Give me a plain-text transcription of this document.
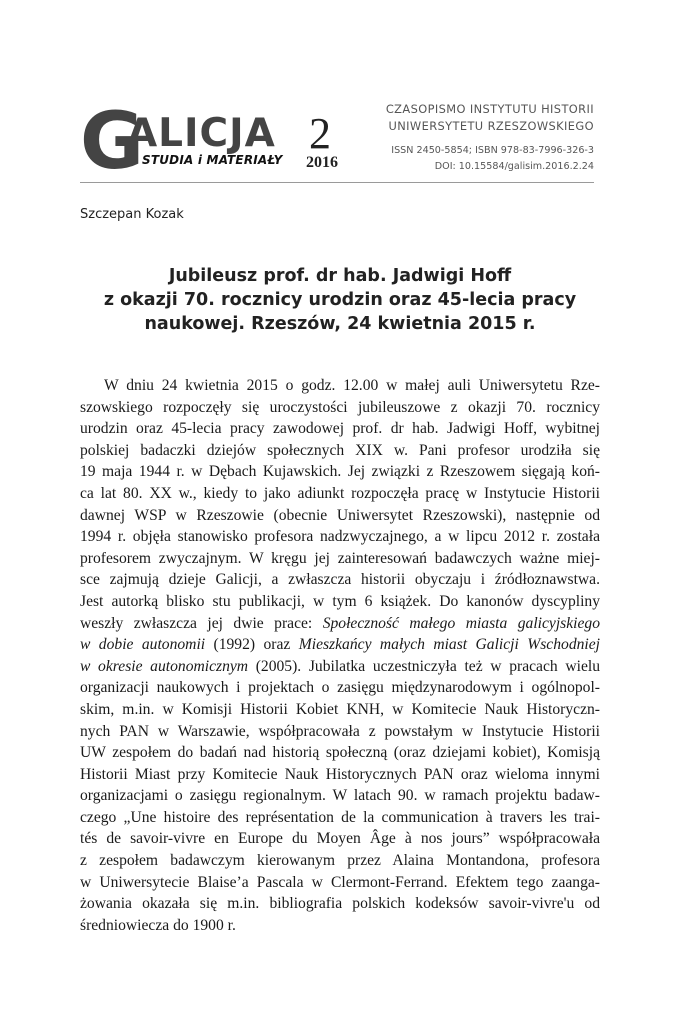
G
ALICJA
STUDIA i MATERIAŁY
2
2016
CZASOPISMO INSTYTUTU HISTORII
UNIWERSYTETU RZESZOWSKIEGO
ISSN 2450-5854; ISBN 978-83-7996-326-3
DOI: 10.15584/galisim.2016.2.24
Szczepan Kozak
Jubileusz prof. dr hab. Jadwigi Hoff
z okazji 70. rocznicy urodzin oraz 45-lecia pracy
naukowej. Rzeszów, 24 kwietnia 2015 r.
W dniu 24 kwietnia 2015 o godz. 12.00 w małej auli Uniwersytetu Rze-
szowskiego rozpoczęły się uroczystości jubileuszowe z okazji 70. rocznicy
urodzin oraz 45-lecia pracy zawodowej prof. dr hab. Jadwigi Hoff, wybitnej
polskiej badaczki dziejów społecznych XIX w. Pani profesor urodziła się
19 maja 1944 r. w Dębach Kujawskich. Jej związki z Rzeszowem sięgają koń-
ca lat 80. XX w., kiedy to jako adiunkt rozpoczęła pracę w Instytucie Historii
dawnej WSP w Rzeszowie (obecnie Uniwersytet Rzeszowski), następnie od
1994 r. objęła stanowisko profesora nadzwyczajnego, a w lipcu 2012 r. została
profesorem zwyczajnym. W kręgu jej zainteresowań badawczych ważne miej-
sce zajmują dzieje Galicji, a zwłaszcza historii obyczaju i źródłoznawstwa.
Jest autorką blisko stu publikacji, w tym 6 książek. Do kanonów dyscypliny
weszły zwłaszcza jej dwie prace: Społeczność małego miasta galicyjskiego
w dobie autonomii (1992) oraz Mieszkańcy małych miast Galicji Wschodniej
w okresie autonomicznym (2005). Jubilatka uczestniczyła też w pracach wielu
organizacji naukowych i projektach o zasięgu międzynarodowym i ogólnopol-
skim, m.in. w Komisji Historii Kobiet KNH, w Komitecie Nauk Historyczn-
nych PAN w Warszawie, współpracowała z powstałym w Instytucie Historii
UW zespołem do badań nad historią społeczną (oraz dziejami kobiet), Komisją
Historii Miast przy Komitecie Nauk Historycznych PAN oraz wieloma innymi
organizacjami o zasięgu regionalnym. W latach 90. w ramach projektu badaw-
czego „Une histoire des représentation de la communication à travers les trai-
tés de savoir-vivre en Europe du Moyen Âge à nos jours” współpracowała
z zespołem badawczym kierowanym przez Alaina Montandona, profesora
w Uniwersytecie Blaise’a Pascala w Clermont-Ferrand. Efektem tego zaanga-
żowania okazała się m.in. bibliografia polskich kodeksów savoir-vivre'u od
średniowiecza do 1900 r.
